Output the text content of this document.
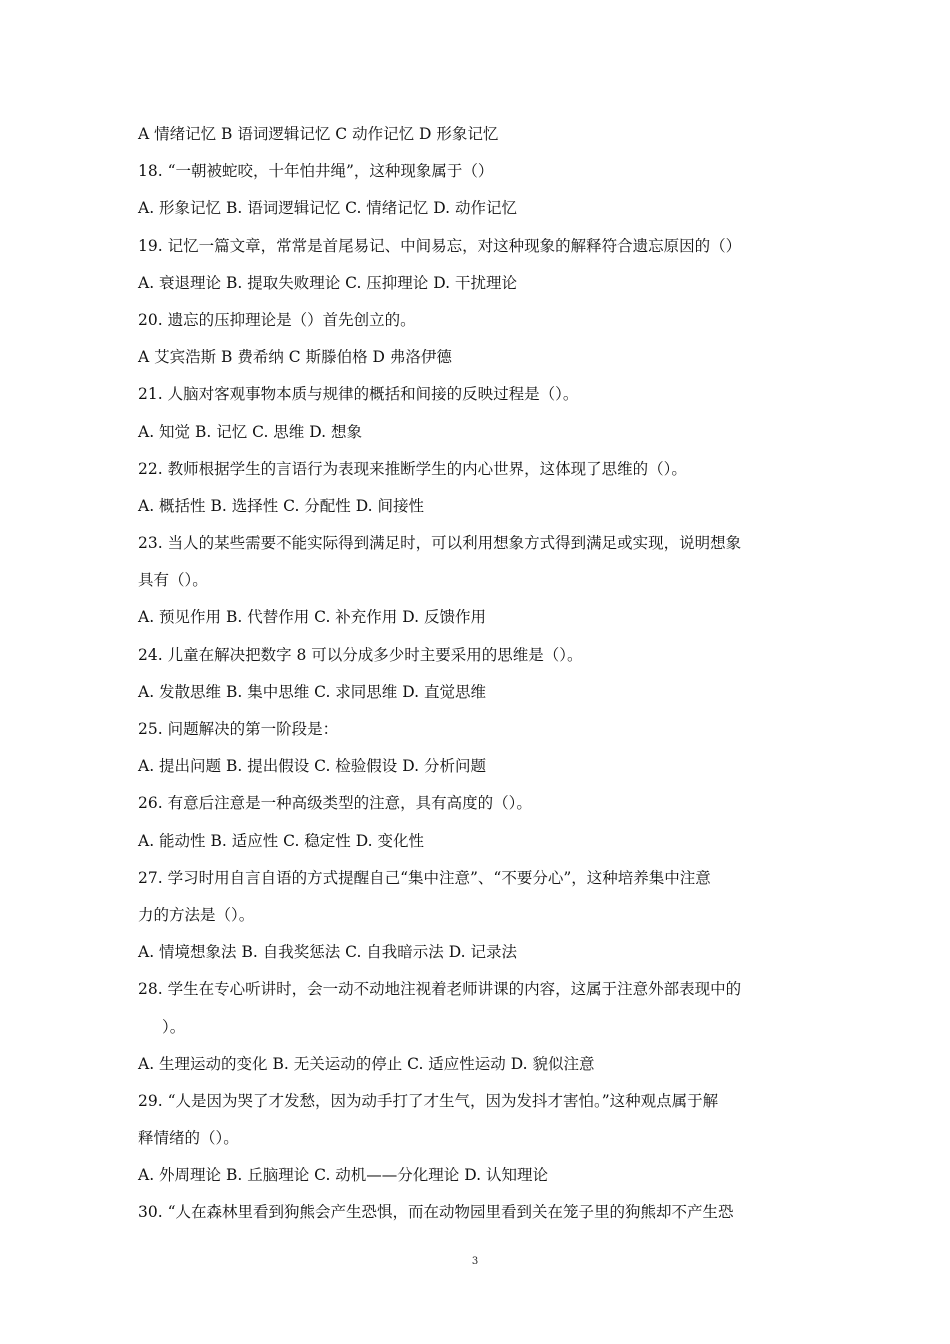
A 情绪记忆 B 语词逻辑记忆 C 动作记忆 D 形象记忆
18. “一朝被蛇咬，十年怕井绳”，这种现象属于（）
A. 形象记忆 B. 语词逻辑记忆 C. 情绪记忆 D. 动作记忆
19. 记忆一篇文章，常常是首尾易记、中间易忘，对这种现象的解释符合遗忘原因的（）
A. 衰退理论 B. 提取失败理论 C. 压抑理论 D. 干扰理论
20. 遗忘的压抑理论是（）首先创立的。
A 艾宾浩斯 B 费希纳 C 斯滕伯格 D 弗洛伊德
21. 人脑对客观事物本质与规律的概括和间接的反映过程是（）。
A. 知觉 B. 记忆 C. 思维 D. 想象
22. 教师根据学生的言语行为表现来推断学生的内心世界，这体现了思维的（）。
A. 概括性 B. 选择性 C. 分配性 D. 间接性
23. 当人的某些需要不能实际得到满足时，可以利用想象方式得到满足或实现，说明想象
具有（）。
A. 预见作用 B. 代替作用 C. 补充作用 D. 反馈作用
24. 儿童在解决把数字 8 可以分成多少时主要采用的思维是（）。
A. 发散思维 B. 集中思维 C. 求同思维 D. 直觉思维
25. 问题解决的第一阶段是：
A. 提出问题 B. 提出假设 C. 检验假设 D. 分析问题
26. 有意后注意是一种高级类型的注意，具有高度的（）。
A. 能动性 B. 适应性 C. 稳定性 D. 变化性
27. 学习时用自言自语的方式提醒自己“集中注意”、“不要分心”，这种培养集中注意
力的方法是（）。
A. 情境想象法 B. 自我奖惩法 C. 自我暗示法 D. 记录法
28. 学生在专心听讲时，会一动不动地注视着老师讲课的内容，这属于注意外部表现中的
）。
A. 生理运动的变化 B. 无关运动的停止 C. 适应性运动 D. 貌似注意
29. “人是因为哭了才发愁，因为动手打了才生气，因为发抖才害怕。”这种观点属于解
释情绪的（）。
A. 外周理论 B. 丘脑理论 C. 动机——分化理论 D. 认知理论
30. “人在森林里看到狗熊会产生恐惧，而在动物园里看到关在笼子里的狗熊却不产生恐
3
